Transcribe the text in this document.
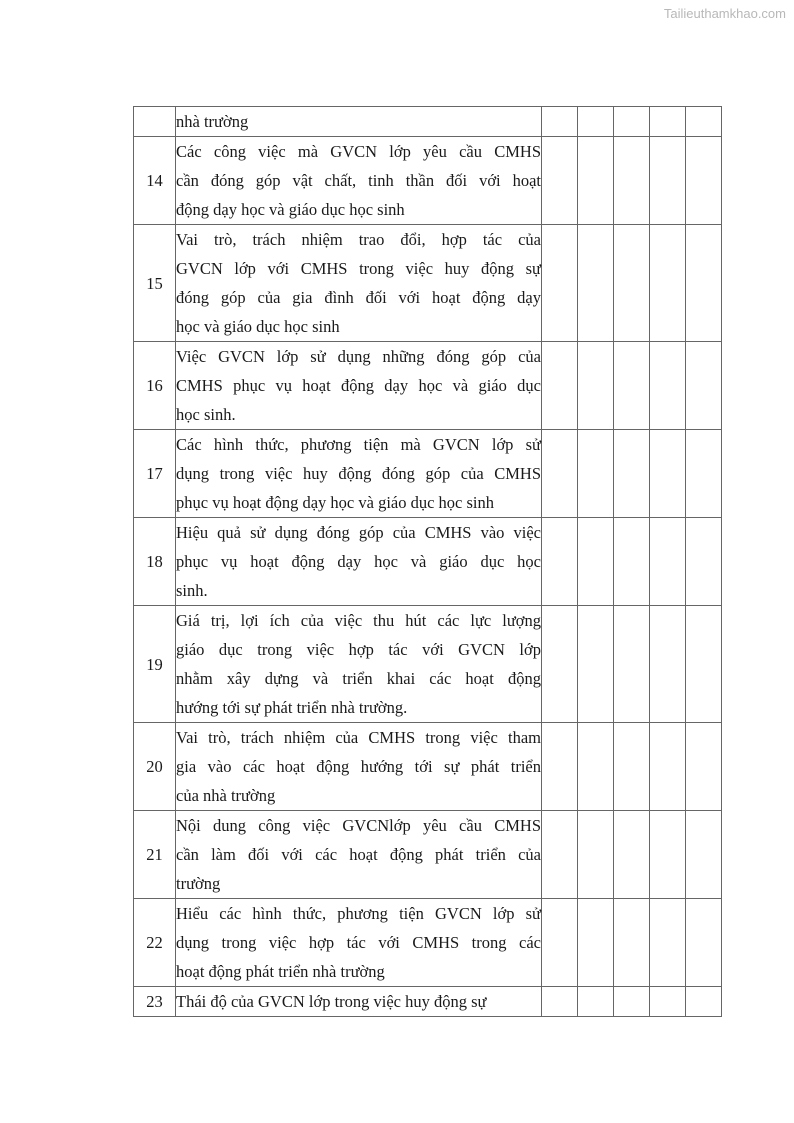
Tailieuthamkhao.com

	nhà trường					

14	Các công việc mà GVCN lớp yêu cầu CMHS
cần đóng góp vật chất, tinh thần đối với hoạt
động dạy học và giáo dục học sinh					

15	Vai trò, trách nhiệm trao đổi, hợp tác của
GVCN lớp với CMHS trong việc huy động sự
đóng góp của gia đình đối với hoạt động dạy
học và giáo dục học sinh					

16	Việc GVCN lớp sử dụng những đóng góp của
CMHS phục vụ hoạt động dạy học và giáo dục
học sinh.					

17	Các hình thức, phương tiện mà GVCN lớp sử
dụng trong việc huy động đóng góp của CMHS
phục vụ hoạt động dạy học và giáo dục học sinh					

18	Hiệu quả sử dụng đóng góp của CMHS vào việc
phục vụ hoạt động dạy học và giáo dục học
sinh.					

19	Giá trị, lợi ích của việc thu hút các lực lượng
giáo dục trong việc hợp tác với GVCN lớp
nhằm xây dựng và triển khai các hoạt động
hướng tới sự phát triển nhà trường.					

20	Vai trò, trách nhiệm của CMHS trong việc tham
gia vào các hoạt động hướng tới sự phát triển
của nhà trường					

21	Nội dung công việc GVCNlớp yêu cầu CMHS
cần làm đối với các hoạt động phát triển của
trường					

22	Hiểu các hình thức, phương tiện GVCN lớp sử
dụng trong việc hợp tác với CMHS trong các
hoạt động phát triển nhà trường					

23	Thái độ của GVCN lớp trong việc huy động sự					
